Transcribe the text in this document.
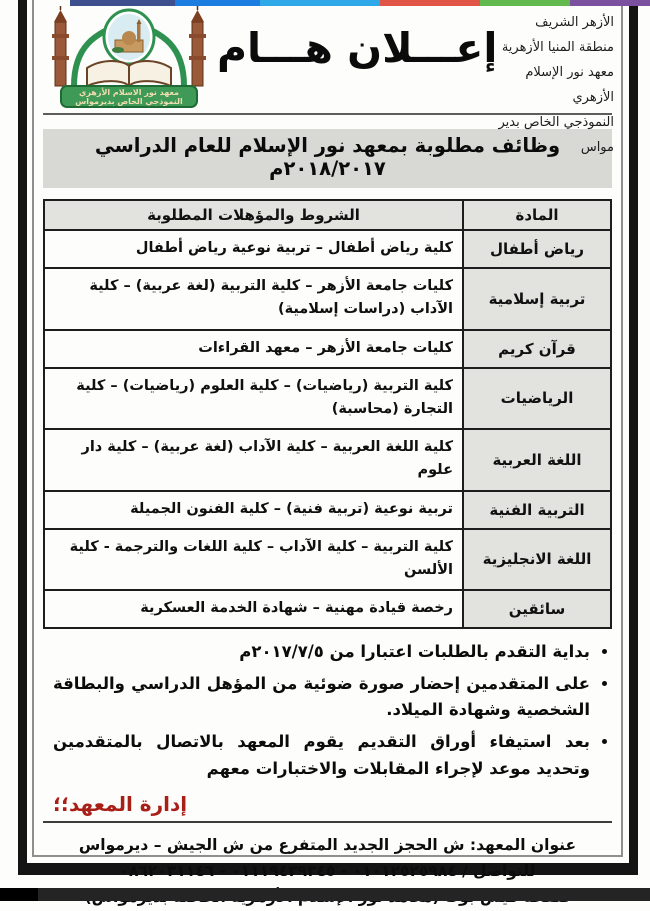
الأزهر الشريف
منطقة المنيا الأزهرية
معهد نور الإسلام الأزهري
النموذجي الخاص بدير مواس
إعـــلان هـــام
معهد نور الاسلام الأزهري
النموذجي الخاص بديرمواس
وظائف مطلوبة بمعهد نور الإسلام للعام الدراسي ٢٠١٨/٢٠١٧م
المادة	الشروط والمؤهلات المطلوبة
رياض أطفال	كلية رياض أطفال – تربية نوعية رياض أطفال
تربية إسلامية	كليات جامعة الأزهر – كلية التربية (لغة عربية) – كلية الآداب (دراسات إسلامية)
قرآن كريم	كليات جامعة الأزهر – معهد القراءات
الرياضيات	كلية التربية (رياضيات) – كلية العلوم (رياضيات) – كلية التجارة (محاسبة)
اللغة العربية	كلية اللغة العربية – كلية الآداب (لغة عربية) – كلية دار علوم
التربية الفنية	تربية نوعية (تربية فنية) – كلية الفنون الجميلة
اللغة الانجليزية	كلية التربية – كلية الآداب – كلية اللغات والترجمة - كلية الألسن
سائقين	رخصة قيادة مهنية – شهادة الخدمة العسكرية
• بداية التقدم بالطلبات اعتبارا من ٢٠١٧/٧/٥م
• على المتقدمين إحضار صورة ضوئية من المؤهل الدراسي والبطاقة الشخصية وشهادة الميلاد.
• بعد استيفاء أوراق التقديم يقوم المعهد بالاتصال بالمتقدمين وتحديد موعد لإجراء المقابلات والاختبارات معهم
إدارة المعهد؛؛
عنوان المعهد: ش الحجز الجديد المتفرع من ش الجيش – ديرمواس
للتواصل / ٠١٠١٢٥٢٥٩٨٤ - ٠١١١٩٤٣٩٣٤٥ - ٠٨٦٢٠٣١١٤٦
